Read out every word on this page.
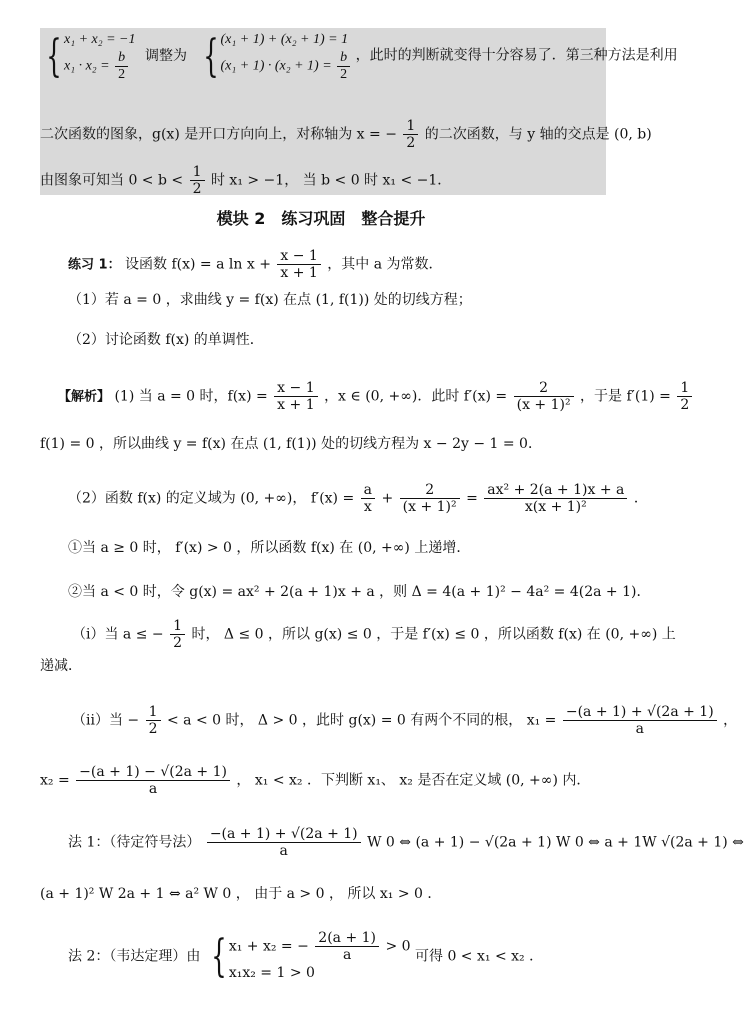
{ x₁ + x₂ = −1
$x_1 \cdot x_2 = \frac{b}{2}$ 调整为 { (x₁ + 1) + (x₂ + 1) = 1
$(x_1 + 1) \cdot (x_2 + 1) = \frac{b}{2}$ ，此时的判断就变得十分容易了．第三种方法是利用
二次函数的图象，g(x) 是开口方向向上，对称轴为 x = − $\frac{1}{2}$ 的二次函数，与 y 轴的交点是 (0, b)
由图象可知当 $0 < b < \frac{1}{2}$ 时 x₁ > −1， 当 b < 0 时 x₁ < −1．
模块 2　练习巩固　整合提升
练习 1： 设函数 f(x) = a $\ln x + \frac{x - 1}{x + 1}$ ，其中 a 为常数．
（1）若 a = 0 ，求曲线 y = f(x) 在点 (1, f(1)) 处的切线方程；
（2）讨论函数 f(x) 的单调性．
【解析】 (1) 当 a = 0 时，$f(x) = \frac{x - 1}{x + 1}$ ，x ∈ (0, +∞)．此时 $f'(x) = \frac{2}{\text{(x + 1)²}}$ ，于是 $f'(1) = \frac{1}{2}$
f(1) = 0 ，所以曲线 y = f(x) 在点 (1, f(1)) 处的切线方程为 x − 2y − 1 = 0．
（2）函数 f(x) 的定义域为 (0, +∞)， $f'(x) = \frac{a}{x} + \frac{2}{\text{(x + 1)²}} = \frac{\text{ax² + 2(a + 1)x + a}}{\text{x(x + 1)²}}$ ．
①当 a ≥ 0 时， f′(x) > 0 ，所以函数 f(x) 在 (0, +∞) 上递增．
②当 a < 0 时，令 g(x) = ax² + 2(a + 1)x + a ，则 Δ = 4(a + 1)² − 4a² = 4(2a + 1)．
（i）当 a ≤ − $\frac{1}{2}$ 时， Δ ≤ 0 ，所以 g(x) ≤ 0 ，于是 f′(x) ≤ 0 ，所以函数 f(x) 在 (0, +∞) 上
递减．
（ii）当 − $\frac{1}{2} < a < 0$ 时， Δ > 0 ，此时 g(x) = 0 有两个不同的根， $x_1 = \frac{-(a + 1) + √(2a + 1)}{a}$ ，
$x_2 = \frac{-(a + 1) - √(2a + 1)}{a}$ ， x₁ < x₂ ．下判断 x₁、 x₂ 是否在定义域 (0, +∞) 内．
法 1：（待定符号法） $\frac{-(a + 1) + √(2a + 1)}{a}$ W 0 ⇔ (a + 1) − √(2a + 1) W 0 ⇔ a + 1W √(2a + 1) ⇔
(a + 1)² W 2a + 1 ⇔ a² W 0 ， 由于 a > 0 ， 所以 x₁ > 0 ．
法 2：（韦达定理）由 { x₁ + x₂ = − $\frac{2(a + 1)}{a} > 0$
x₁x₂ = 1 > 0 可得 0 < x₁ < x₂ ．
